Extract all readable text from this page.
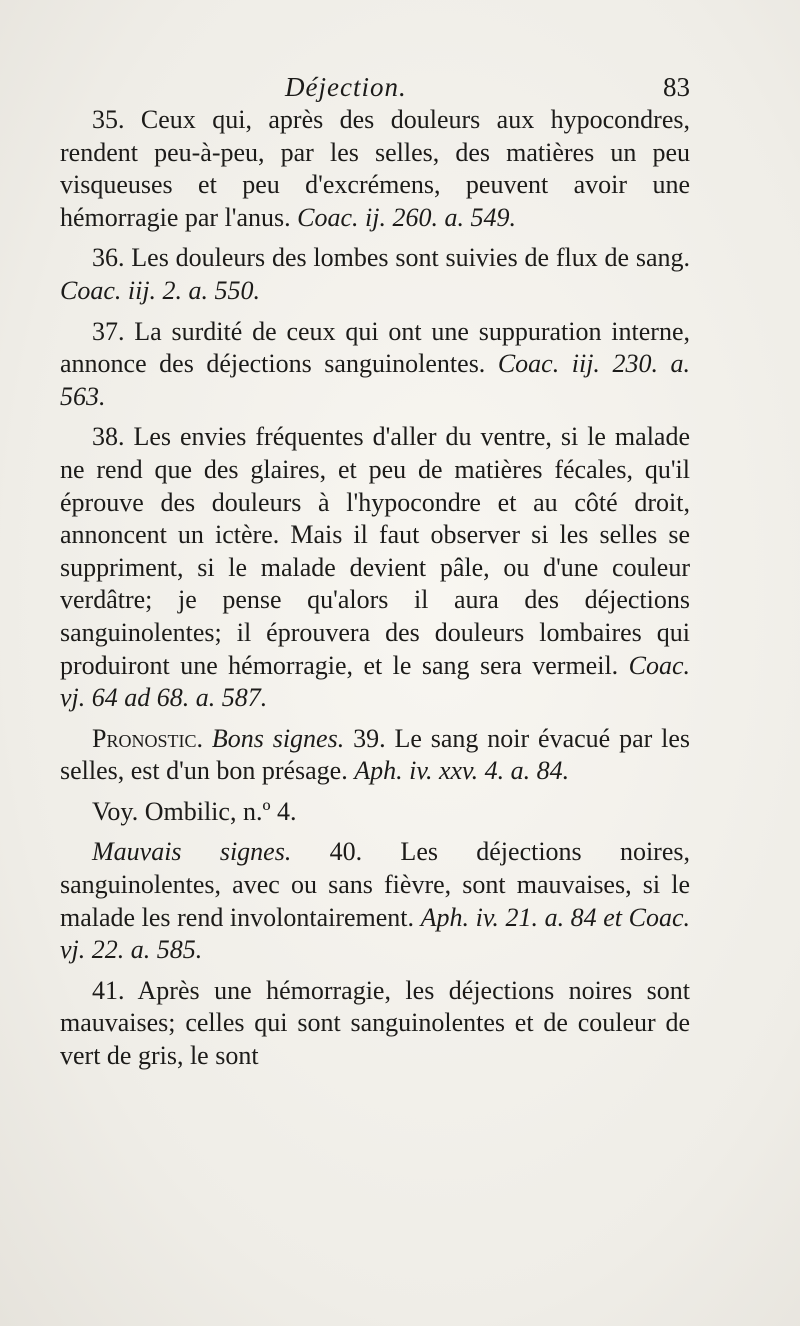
Déjection.	83

35. Ceux qui, après des douleurs aux hypocondres, rendent peu-à-peu, par les selles, des matières un peu visqueuses et peu d'excrémens, peuvent avoir une hémorragie par l'anus. Coac. ij. 260. a. 549.

36. Les douleurs des lombes sont suivies de flux de sang. Coac. iij. 2. a. 550.

37. La surdité de ceux qui ont une suppuration interne, annonce des déjections sanguinolentes. Coac. iij. 230. a. 563.

38. Les envies fréquentes d'aller du ventre, si le malade ne rend que des glaires, et peu de matières fécales, qu'il éprouve des douleurs à l'hypocondre et au côté droit, annoncent un ictère. Mais il faut observer si les selles se suppriment, si le malade devient pâle, ou d'une couleur verdâtre; je pense qu'alors il aura des déjections sanguinolentes; il éprouvera des douleurs lombaires qui produiront une hémorragie, et le sang sera vermeil. Coac. vj. 64 ad 68. a. 587.

Pronostic. Bons signes. 39. Le sang noir évacué par les selles, est d'un bon présage. Aph. iv. xxv. 4. a. 84.

Voy. Ombilic, n.º 4.

Mauvais signes. 40. Les déjections noires, sanguinolentes, avec ou sans fièvre, sont mauvaises, si le malade les rend involontairement. Aph. iv. 21. a. 84 et Coac. vj. 22. a. 585.

41. Après une hémorragie, les déjections noires sont mauvaises; celles qui sont sanguinolentes et de couleur de vert de gris, le sont
